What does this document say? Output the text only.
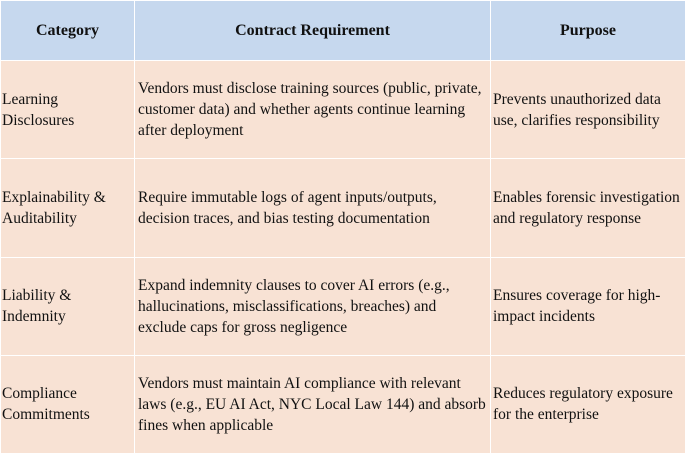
Category	Contract Requirement	Purpose
Learning Disclosures	Vendors must disclose training sources (public, private, customer data) and whether agents continue learning after deployment	Prevents unauthorized data use, clarifies responsibility
Explainability & Auditability	Require immutable logs of agent inputs/outputs, decision traces, and bias testing documentation	Enables forensic investigation and regulatory response
Liability & Indemnity	Expand indemnity clauses to cover AI errors (e.g., hallucinations, misclassifications, breaches) and exclude caps for gross negligence	Ensures coverage for high-impact incidents
Compliance Commitments	Vendors must maintain AI compliance with relevant laws (e.g., EU AI Act, NYC Local Law 144) and absorb fines when applicable	Reduces regulatory exposure for the enterprise
